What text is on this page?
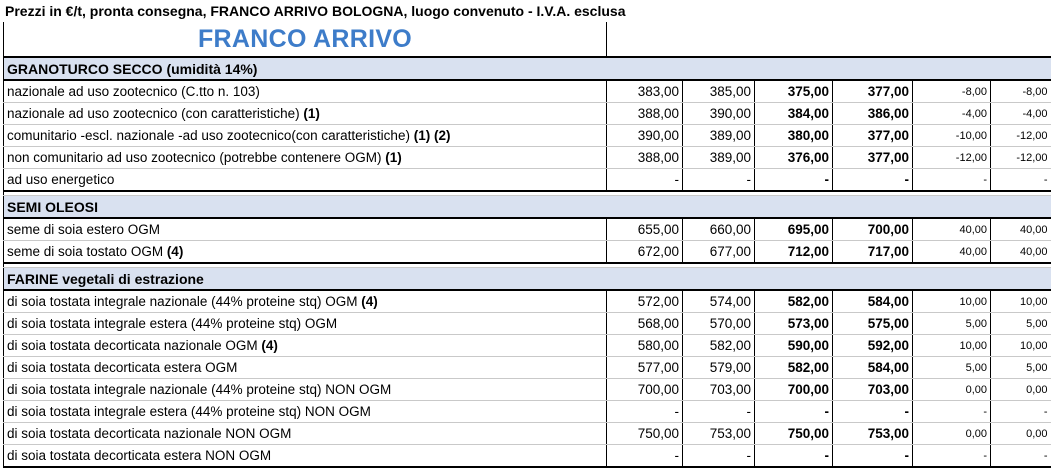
Prezzi in €/t, pronta consegna, FRANCO ARRIVO BOLOGNA, luogo convenuto - I.V.A. esclusa
FRANCO ARRIVO						
GRANOTURCO SECCO (umidità 14%)						
nazionale ad uso zootecnico (C.tto n. 103)	383,00	385,00	375,00	377,00	-8,00	-8,00
nazionale ad uso zootecnico (con caratteristiche) (1)	388,00	390,00	384,00	386,00	-4,00	-4,00
comunitario -escl. nazionale -ad uso zootecnico(con caratteristiche) (1) (2)	390,00	389,00	380,00	377,00	-10,00	-12,00
non comunitario ad uso zootecnico (potrebbe contenere OGM) (1)	388,00	389,00	376,00	377,00	-12,00	-12,00
ad uso energetico	-	-	-	-	-	-

SEMI OLEOSI						
seme di soia estero OGM	655,00	660,00	695,00	700,00	40,00	40,00
seme di soia tostato OGM (4)	672,00	677,00	712,00	717,00	40,00	40,00

FARINE vegetali di estrazione						
di soia tostata integrale nazionale (44% proteine stq) OGM (4)	572,00	574,00	582,00	584,00	10,00	10,00
di soia tostata integrale estera (44% proteine stq) OGM	568,00	570,00	573,00	575,00	5,00	5,00
di soia tostata decorticata nazionale OGM (4)	580,00	582,00	590,00	592,00	10,00	10,00
di soia tostata decorticata estera OGM	577,00	579,00	582,00	584,00	5,00	5,00
di soia tostata integrale nazionale (44% proteine stq) NON OGM	700,00	703,00	700,00	703,00	0,00	0,00
di soia tostata integrale estera (44% proteine stq) NON OGM	-	-	-	-	-	-
di soia tostata decorticata nazionale NON OGM	750,00	753,00	750,00	753,00	0,00	0,00
di soia tostata decorticata estera NON OGM	-	-	-	-	-	-
